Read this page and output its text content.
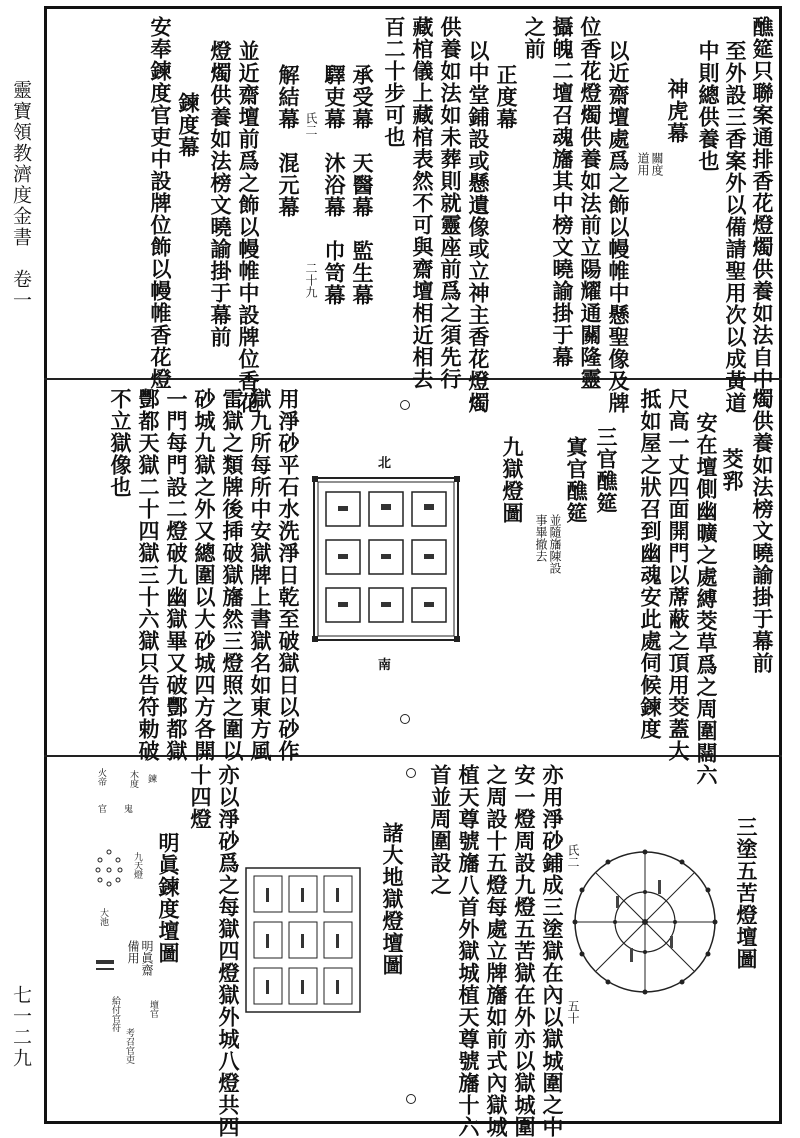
靈寶領教濟度金書　卷一
七一二九
醮筵只聯案通排香花燈燭供養如法自中
至外設三香案外以備請聖用次以成黃道
中則總供養也
神虎幕
關度
道用
以近齋壇處爲之飾以幔帷中懸聖像及牌
位香花燈燭供養如法前立陽耀通關隆靈
攝魄二壇召魂旛其中榜文曉諭掛于幕
之前
正度幕
以中堂鋪設或懸遺像或立神主香花燈燭
供養如法如未葬則就靈座前爲之須先行
藏棺儀上藏棺表然不可與齋壇相近相去
百二十步可也
承受幕　天醫幕　監生幕
驛吏幕　沐浴幕　巾笥幕
氏二
二十九
解結幕　混元幕
並近齋壇前爲之飾以幔帷中設牌位香花
燈燭供養如法榜文曉諭掛于幕前
鍊度幕
安奉鍊度官吏中設牌位飾以幔帷香花燈
燭供養如法榜文曉諭掛于幕前
茭郛
安在壇側幽曠之處縛茭草爲之周圍闊六
尺高一丈四面開門以蓆蔽之頂用茭蓋大
抵如屋之狀召到幽魂安此處伺候鍊度
三官醮筵
寘官醮筵
並隨旛陳設
事畢撤去
九獄燈圖
北
南
用淨砂平石水洗淨日乾至破獄日以砂作
獄九所每所中安獄牌上書獄名如東方風
雷獄之類牌後揷破獄旛然三燈照之圍以
砂城九獄之外又總圍以大砂城四方各開
一門每門設二燈破九幽獄畢又破酆都獄
酆都天獄二十四獄三十六獄只告符勅破
不立獄像也
三塗五苦燈壇圖
氏二
五十
亦用淨砂鋪成三塗獄在內以獄城圍之中
安一燈周設九燈五苦獄在外亦以獄城圍
之周設十五燈每處立牌旛如前式內獄城
植天尊號旛八首外獄城植天尊號旛十六
首並周圍設之
諸大地獄燈壇圖
亦以淨砂爲之每獄四燈獄外城八燈共四
十四燈
明眞鍊度壇圖
明眞齋
備用
木度 鍊
火帝
官 鬼
九天燈
大池
壇官
給付官符
考召官吏
